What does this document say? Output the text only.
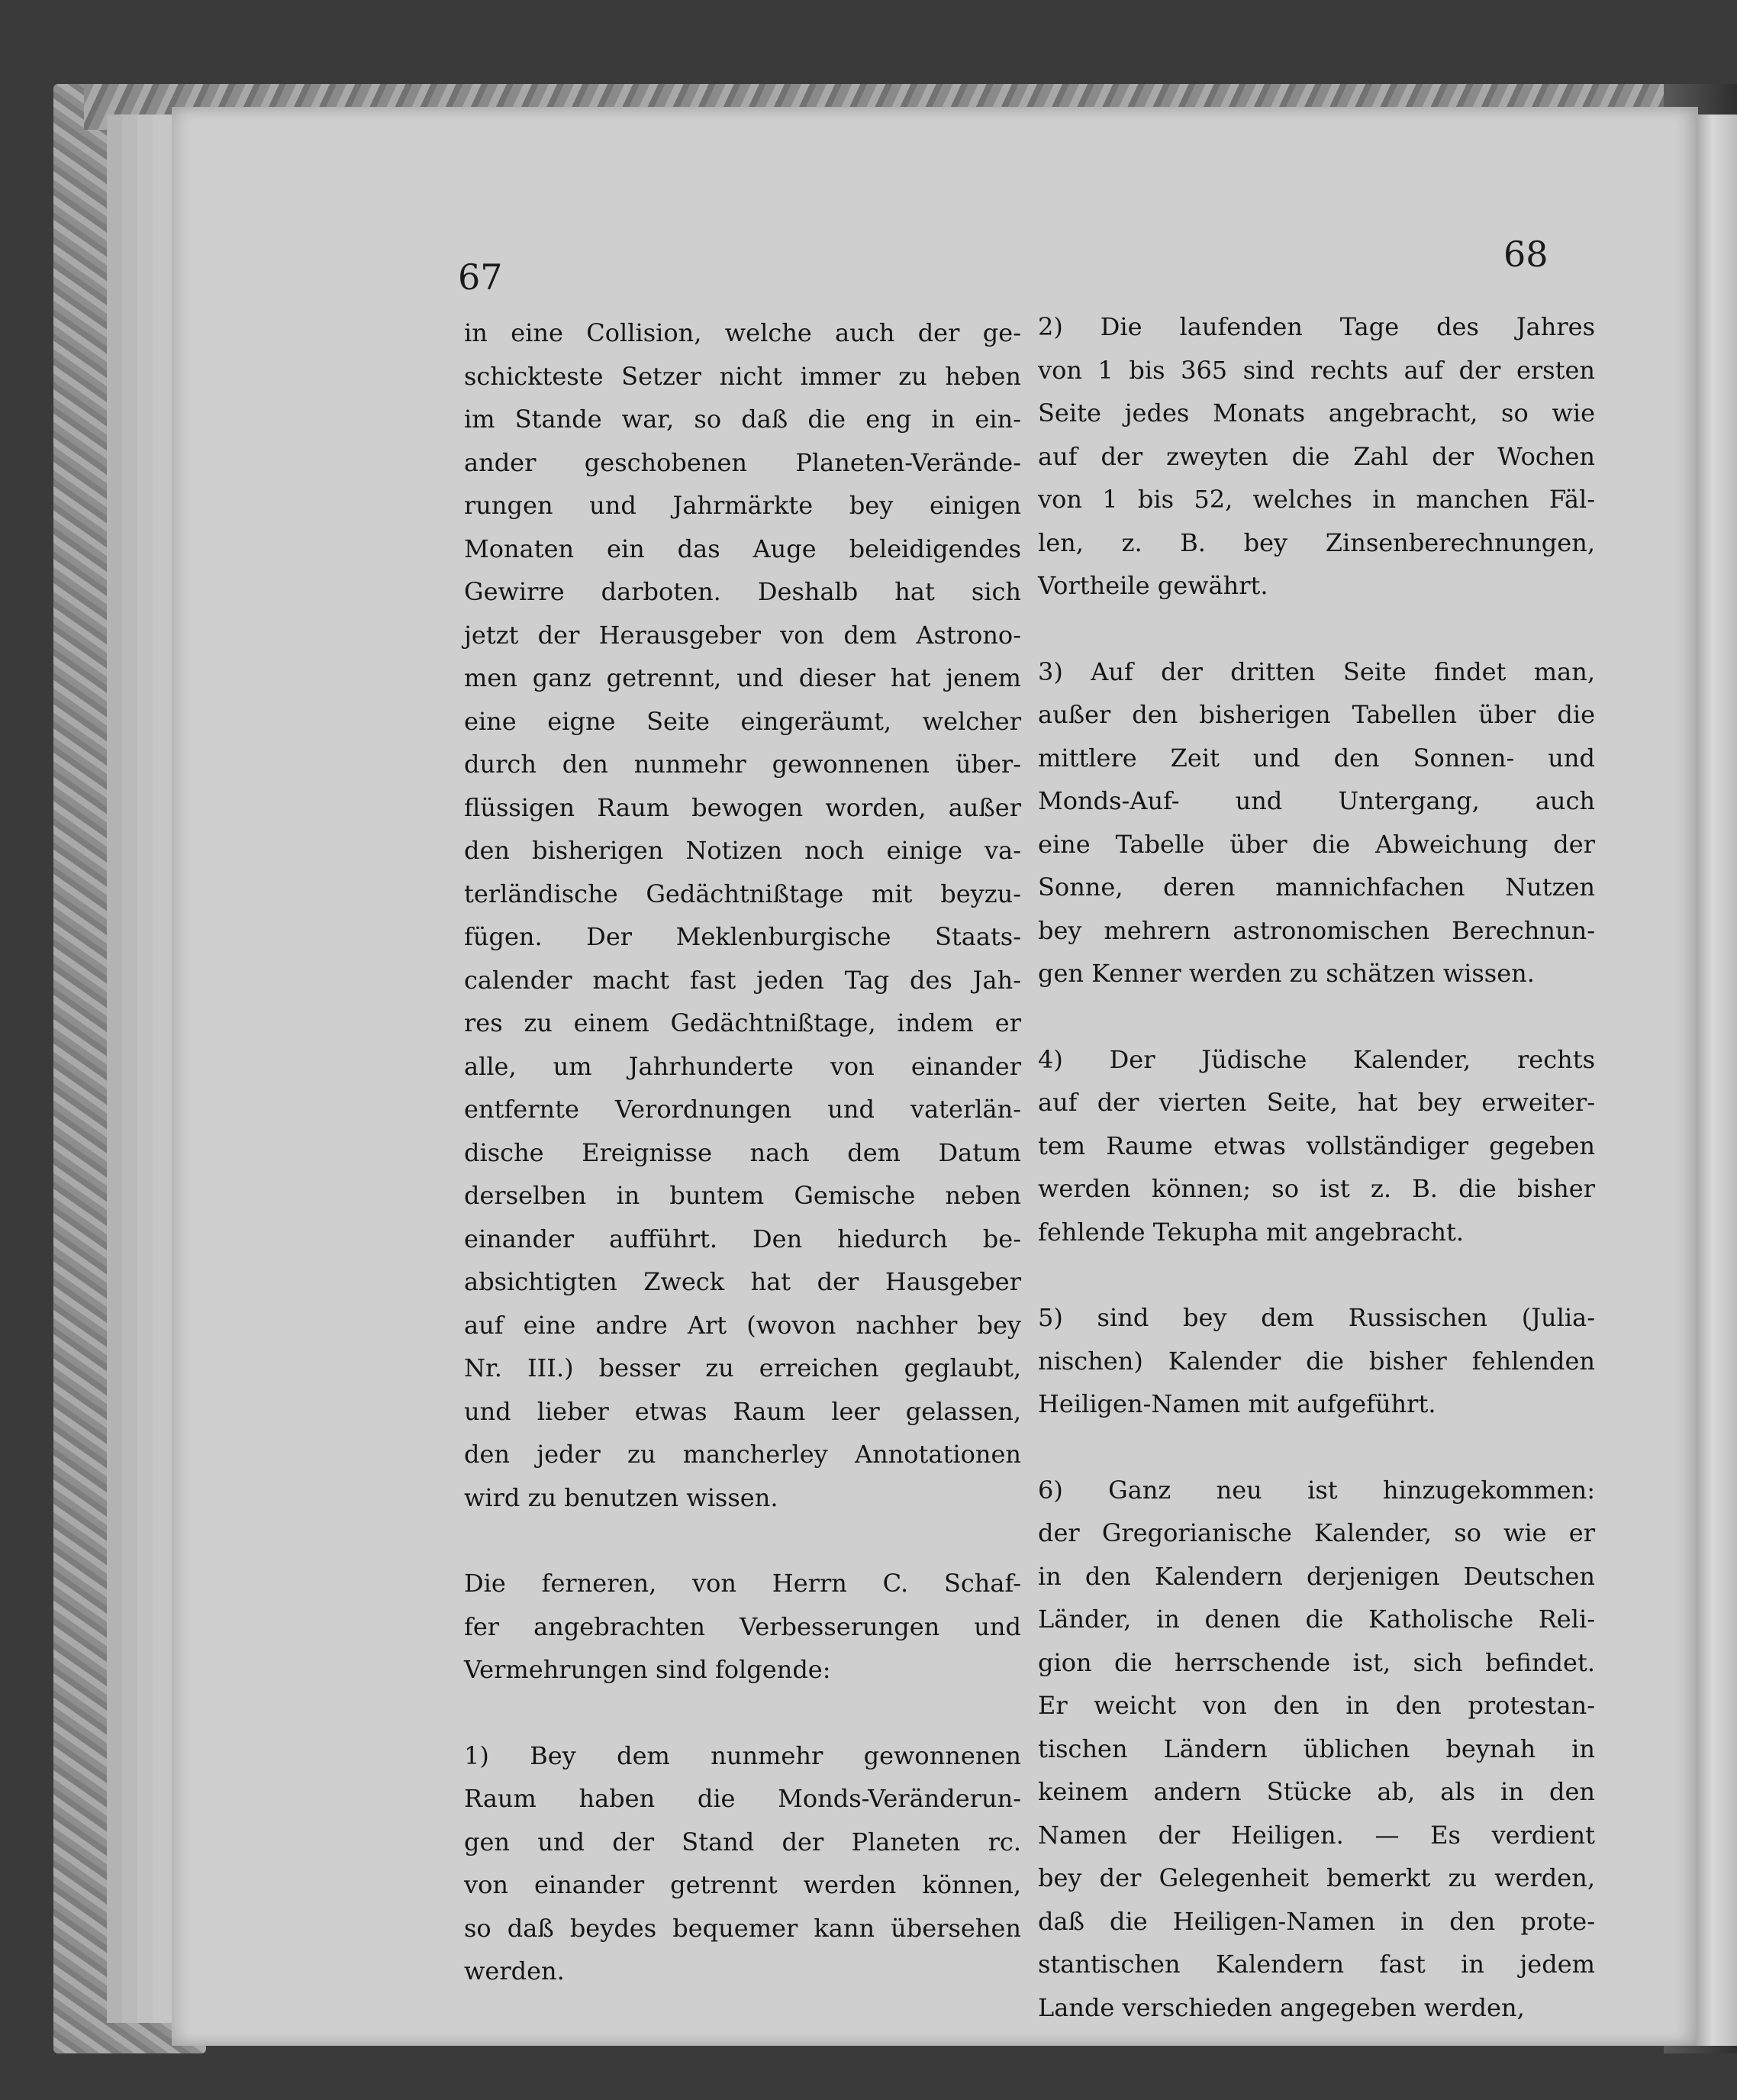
67
68
in eine Collision, welche auch der ge-
schickteste Setzer nicht immer zu heben
im Stande war, so daß die eng in ein-
ander geschobenen Planeten-Verände-
rungen und Jahrmärkte bey einigen
Monaten ein das Auge beleidigendes
Gewirre darboten. Deshalb hat sich
jetzt der Herausgeber von dem Astrono-
men ganz getrennt, und dieser hat jenem
eine eigne Seite eingeräumt, welcher
durch den nunmehr gewonnenen über-
flüssigen Raum bewogen worden, außer
den bisherigen Notizen noch einige va-
terländische Gedächtnißtage mit beyzu-
fügen. Der Meklenburgische Staats-
calender macht fast jeden Tag des Jah-
res zu einem Gedächtnißtage, indem er
alle, um Jahrhunderte von einander
entfernte Verordnungen und vaterlän-
dische Ereignisse nach dem Datum
derselben in buntem Gemische neben
einander aufführt. Den hiedurch be-
absichtigten Zweck hat der Hausgeber
auf eine andre Art (wovon nachher bey
Nr. III.) besser zu erreichen geglaubt,
und lieber etwas Raum leer gelassen,
den jeder zu mancherley Annotationen
wird zu benutzen wissen.
Die ferneren, von Herrn C. Schaf-
fer angebrachten Verbesserungen und
Vermehrungen sind folgende:
1) Bey dem nunmehr gewonnenen
Raum haben die Monds-Veränderun-
gen und der Stand der Planeten rc.
von einander getrennt werden können,
so daß beydes bequemer kann übersehen
werden.
2) Die laufenden Tage des Jahres
von 1 bis 365 sind rechts auf der ersten
Seite jedes Monats angebracht, so wie
auf der zweyten die Zahl der Wochen
von 1 bis 52, welches in manchen Fäl-
len, z. B. bey Zinsenberechnungen,
Vortheile gewährt.
3) Auf der dritten Seite findet man,
außer den bisherigen Tabellen über die
mittlere Zeit und den Sonnen- und
Monds-Auf- und Untergang, auch
eine Tabelle über die Abweichung der
Sonne, deren mannichfachen Nutzen
bey mehrern astronomischen Berechnun-
gen Kenner werden zu schätzen wissen.
4) Der Jüdische Kalender, rechts
auf der vierten Seite, hat bey erweiter-
tem Raume etwas vollständiger gegeben
werden können; so ist z. B. die bisher
fehlende Tekupha mit angebracht.
5) sind bey dem Russischen (Julia-
nischen) Kalender die bisher fehlenden
Heiligen-Namen mit aufgeführt.
6) Ganz neu ist hinzugekommen:
der Gregorianische Kalender, so wie er
in den Kalendern derjenigen Deutschen
Länder, in denen die Katholische Reli-
gion die herrschende ist, sich befindet.
Er weicht von den in den protestan-
tischen Ländern üblichen beynah in
keinem andern Stücke ab, als in den
Namen der Heiligen. — Es verdient
bey der Gelegenheit bemerkt zu werden,
daß die Heiligen-Namen in den prote-
stantischen Kalendern fast in jedem
Lande verschieden angegeben werden,
